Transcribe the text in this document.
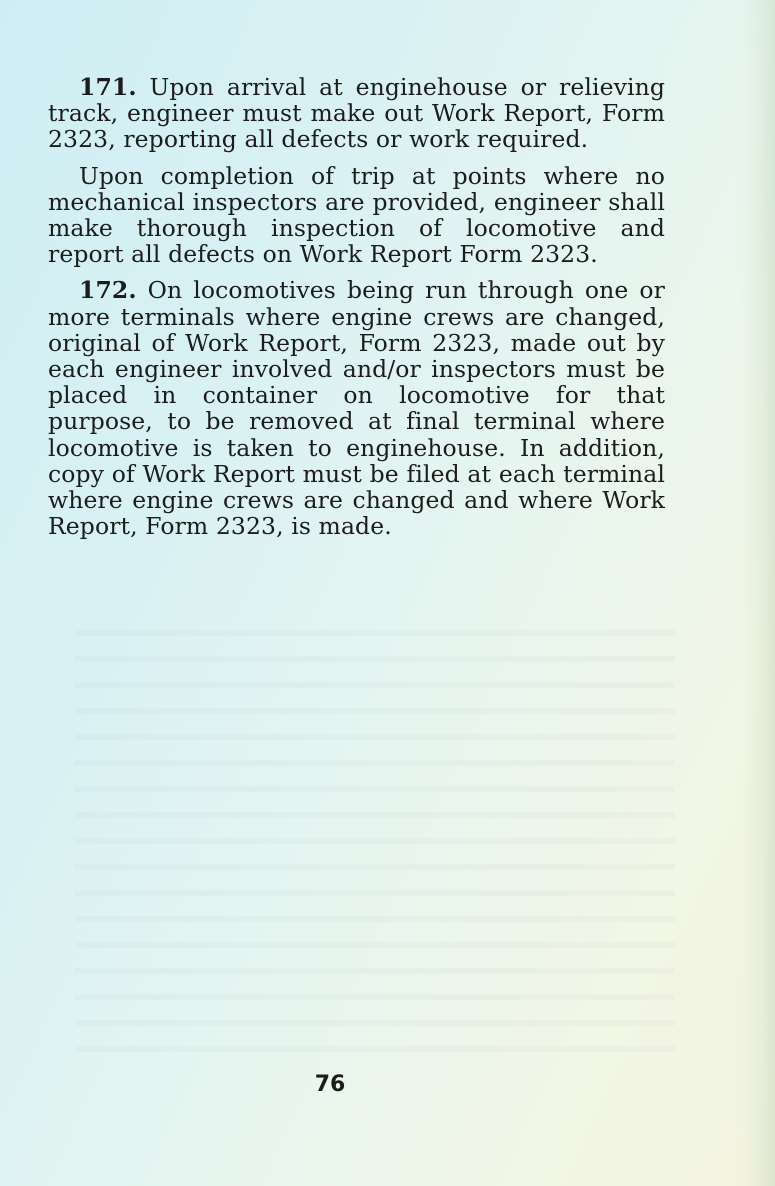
171. Upon arrival at enginehouse or relieving track, engineer must make out Work Report, Form 2323, reporting all defects or work required.

Upon completion of trip at points where no mechanical inspectors are provided, engineer shall make thorough inspection of locomotive and report all defects on Work Report Form 2323.

172. On locomotives being run through one or more terminals where engine crews are changed, original of Work Report, Form 2323, made out by each engineer involved and/or inspectors must be placed in container on locomotive for that purpose, to be removed at final terminal where locomotive is taken to enginehouse. In addition, copy of Work Report must be filed at each terminal where engine crews are changed and where Work Report, Form 2323, is made.

76
